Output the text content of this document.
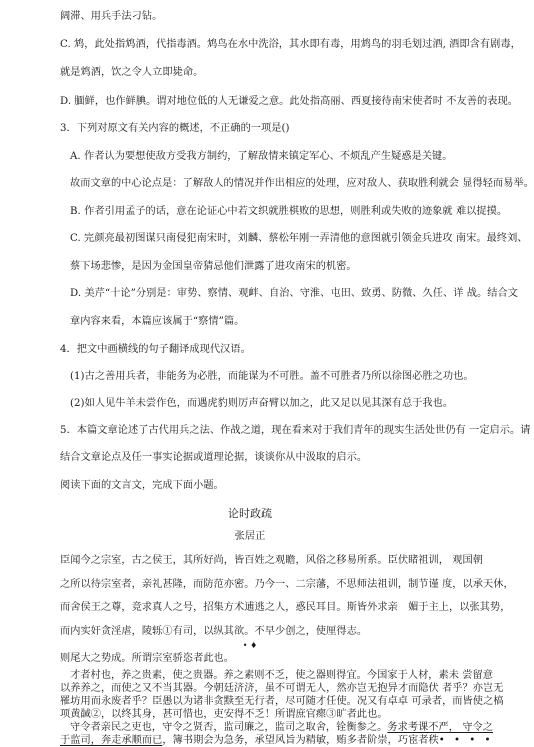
阔滞、用兵手法刁钻。
C. 鸩，此处指鸩酒，代指毒酒。鸩鸟在水中洗浴，其水即有毒，用鸩鸟的羽毛划过酒, 酒即含有剧毒，
就是鸩酒，饮之令人立即毙命。
D. 腼鲜，也作鲜腆。谓对地位低的人无谦爱之意。此处指高丽、西夏接待南宋使者时 不友善的表现。
3．下列对原文有关内容的概述，不正确的一项是()
A. 作者认为要想使敌方受我方制约，了解敌情来镇定军心、不烦乱产生疑惑是关键。
故而文章的中心论点是：了解敌人的情况并作出相应的处理，应对敌人、获取胜利就会 显得轻而易举。
B. 作者引用孟子的话，意在论证心中若文织就胜棋败的思想，则胜利或失败的迹象就 难以捉摸。
C. 完颜亮最初图谋只南侵犯南宋时，刘麟、蔡松年刚一弄清他的意图就引领金兵进攻 南宋。最终刘、
蔡下场悲惨，是因为金国皇帝猜忌他们泄露了进攻南宋的机密。
D. 美芹“十论”分别是：审势、察情、观衅、自治、守淮、屯田、致勇、防微、久任、详 战。结合文
章内容来看，本篇应该属于“察情”篇。
4．把文中画横线的句子翻译成现代汉语。
(1)古之善用兵者，非能务为必胜，而能谋为不可胜。盖不可胜者乃所以徐图必胜之功也。
(2)如人见牛羊未尝作色，而遇虎豹则厉声奋臂以加之，此又足以见其深有总于我也。
5．本篇文章论述了古代用兵之法、作战之道，现在看来对于我们青年的现实生活处世仍有 一定启示。请
结合文章论点及任一事实论据或道理论据，谈谈你从中汲取的启示。
阅读下面的文言文，完成下面小题。
论时政疏
张居正
臣闻今之宗室，古之侯王，其所好尚，皆百姓之观瞻，风俗之移易所系。臣伏睹祖训， 观国朝
之所以待宗室者，亲礼甚隆，而防范亦密。乃今一、二宗藩，不思师法祖训，制节谨 度，以承天休，
而舍侯王之尊，竞求真人之号，招集方术逋逃之人，惑民耳目。斯皆外求亲　媚于主上，以张其势，
而内实奸贪淫虐，陵轹①有司，以纵其欲。不早少创之，使厘得志。
• ♦
则尾大之势成。所谓宗室骄恣者此也。
才者村也，养之贵素，使之贵器。养之素则不乏，使之器则得宜。今国家于人材，素未 尝留意
以养养之，而使之又不当其器。今朝廷济济，虽不可谓无人，然亦岂无抱异才而隐伏 者乎？亦岂无
罹坊用而永废者乎？臣愚以为诸非贪黩至无行者，尽可随才任使。况又有卓卓 可录者，而皆使之槁
项黄馘②，以终其身，甚可惜也，吏安得不乏！所谓庶官瘝③旷者此也。
守令者亲民之吏也，守令之贤否，监司廉之，监司之取舍，铨衡参之。务求考课不严， 守令之
于监司，奔走承顺而已，簿书期会为急务，承望风旨为精敏，贿多者阶崇，巧宦者秩• • • •
